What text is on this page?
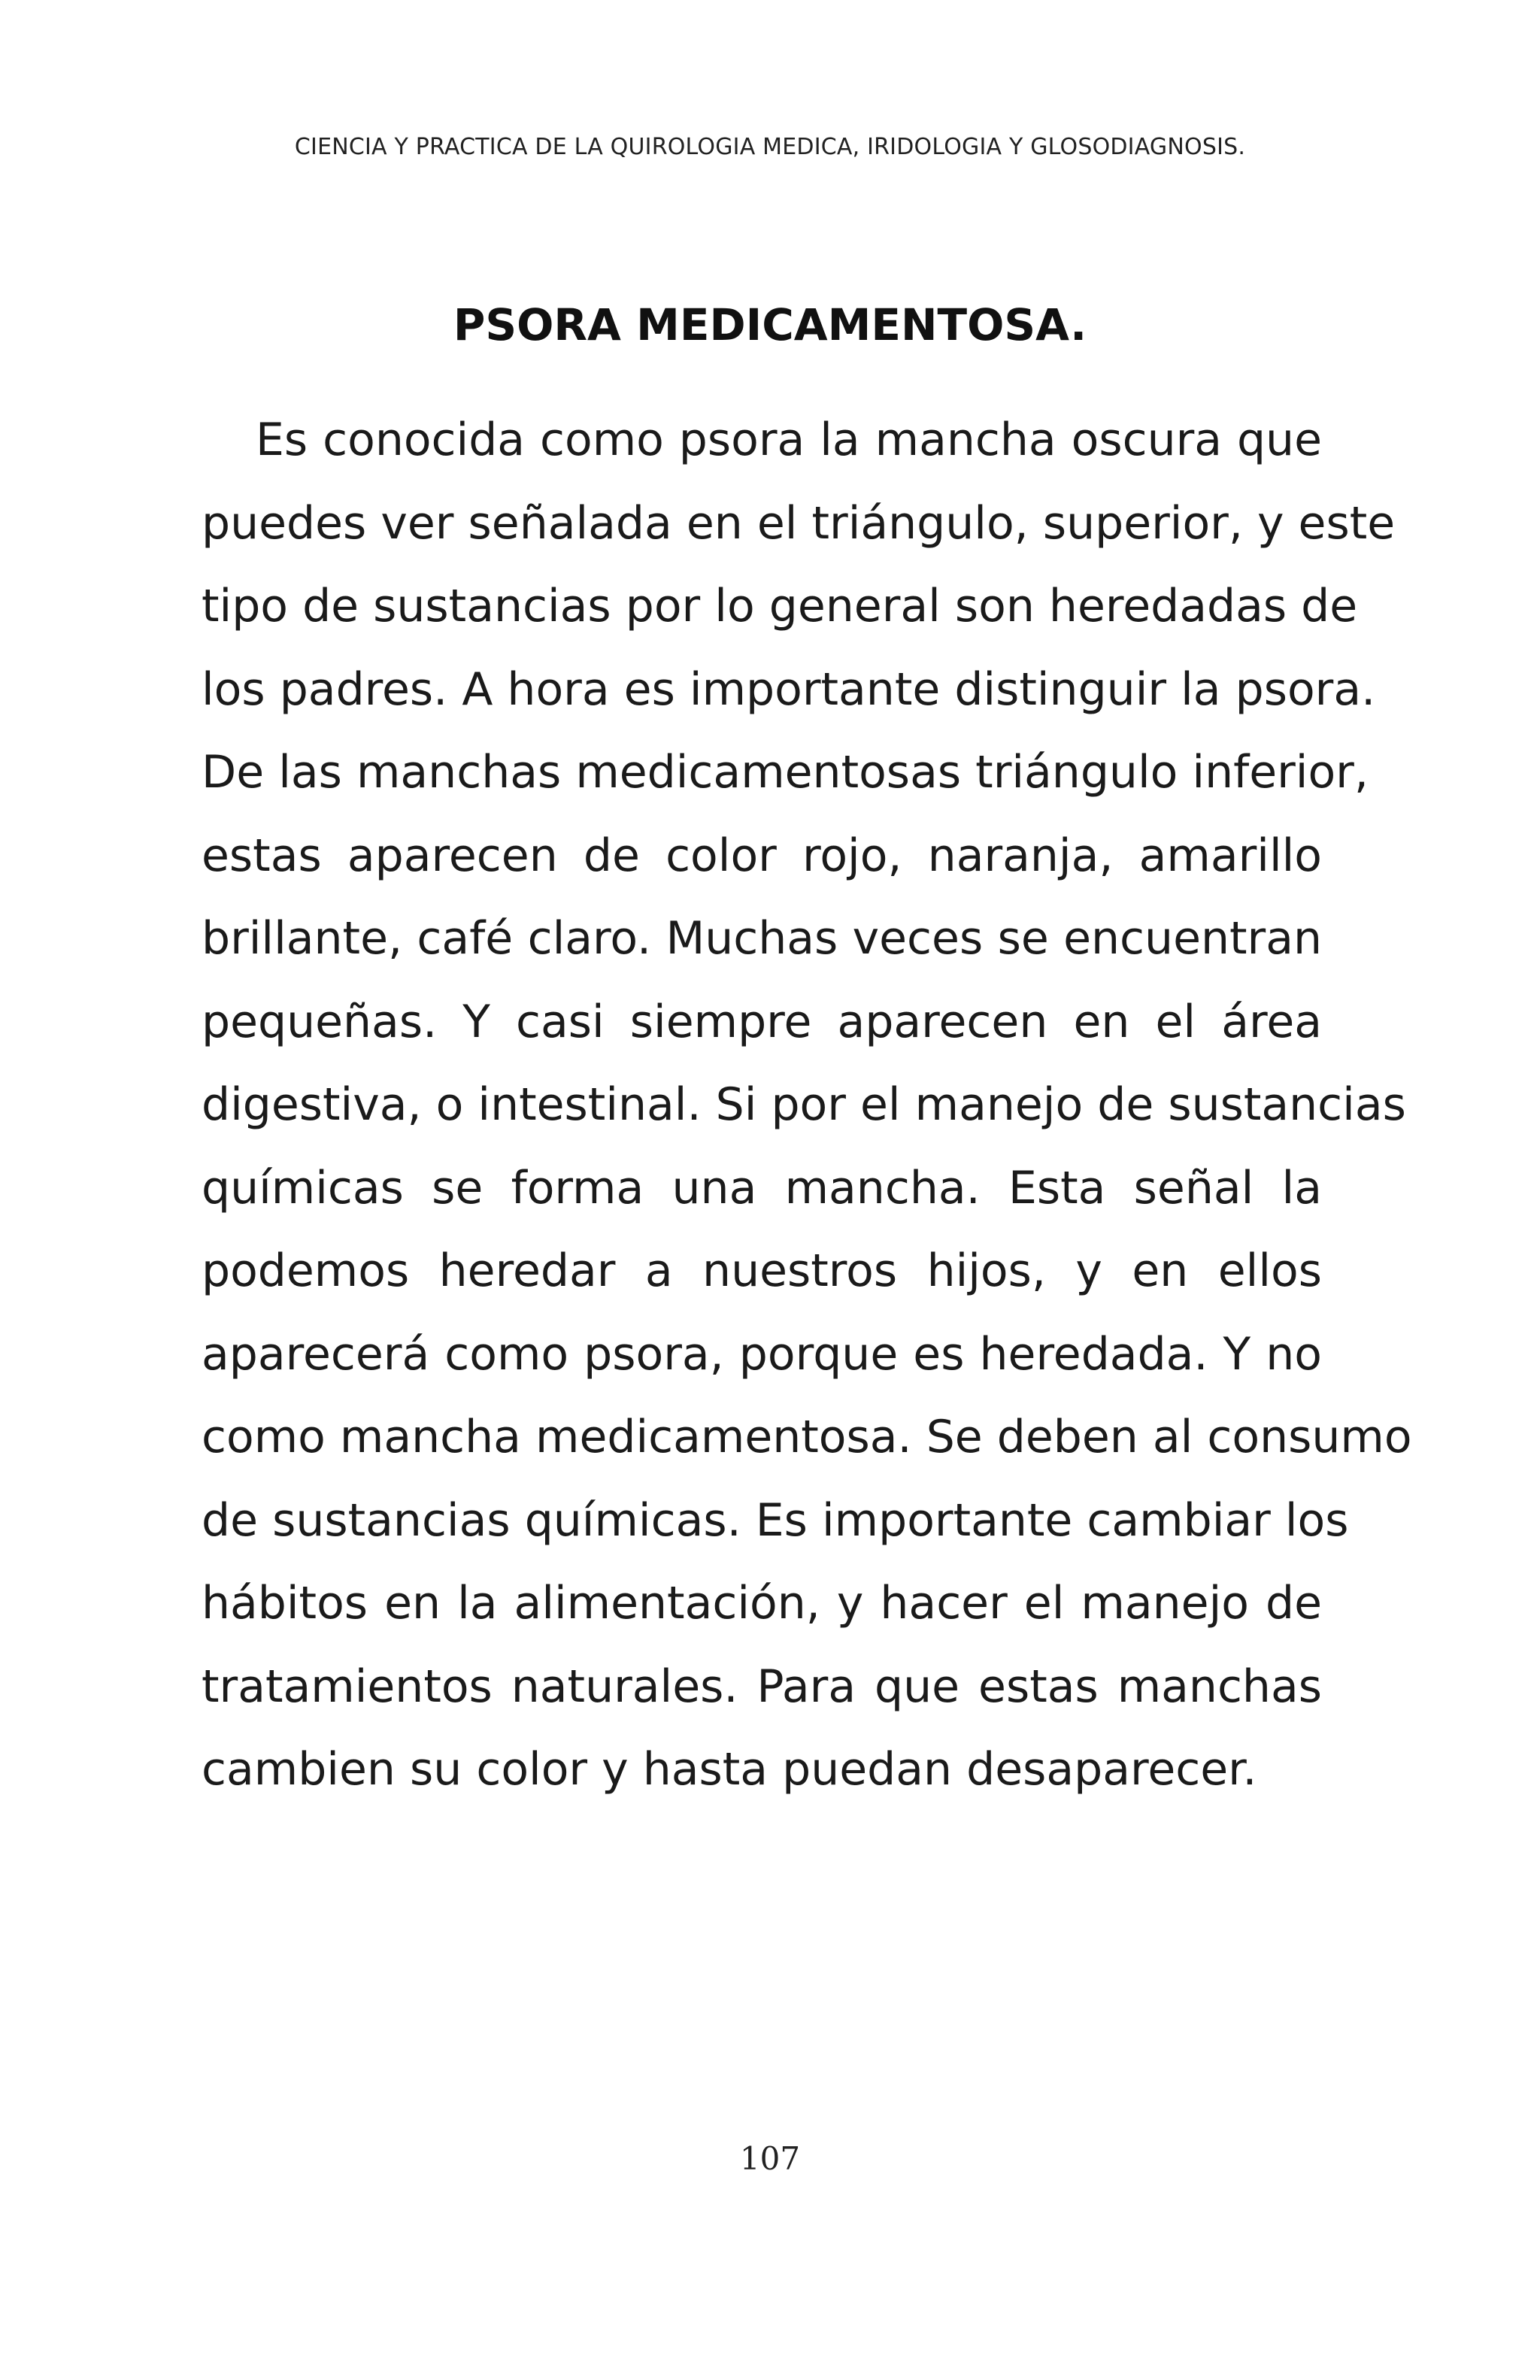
CIENCIA Y PRACTICA DE LA QUIROLOGIA MEDICA, IRIDOLOGIA Y GLOSODIAGNOSIS.
PSORA MEDICAMENTOSA.
Es conocida como psora la mancha oscura que
puedes ver señalada en el triángulo, superior, y este
tipo de sustancias por lo general son heredadas de
los padres. A hora es importante distinguir la psora.
De las manchas medicamentosas triángulo inferior,
estas aparecen de color rojo, naranja, amarillo
brillante, café claro. Muchas veces se encuentran
pequeñas. Y casi siempre aparecen en el área
digestiva, o intestinal. Si por el manejo de sustancias
químicas se forma una mancha. Esta señal la
podemos heredar a nuestros hijos, y en ellos
aparecerá como psora, porque es heredada. Y no
como mancha medicamentosa. Se deben al consumo
de sustancias químicas. Es importante cambiar los
hábitos en la alimentación, y hacer el manejo de
tratamientos naturales. Para que estas manchas
cambien su color y hasta puedan desaparecer.
107
